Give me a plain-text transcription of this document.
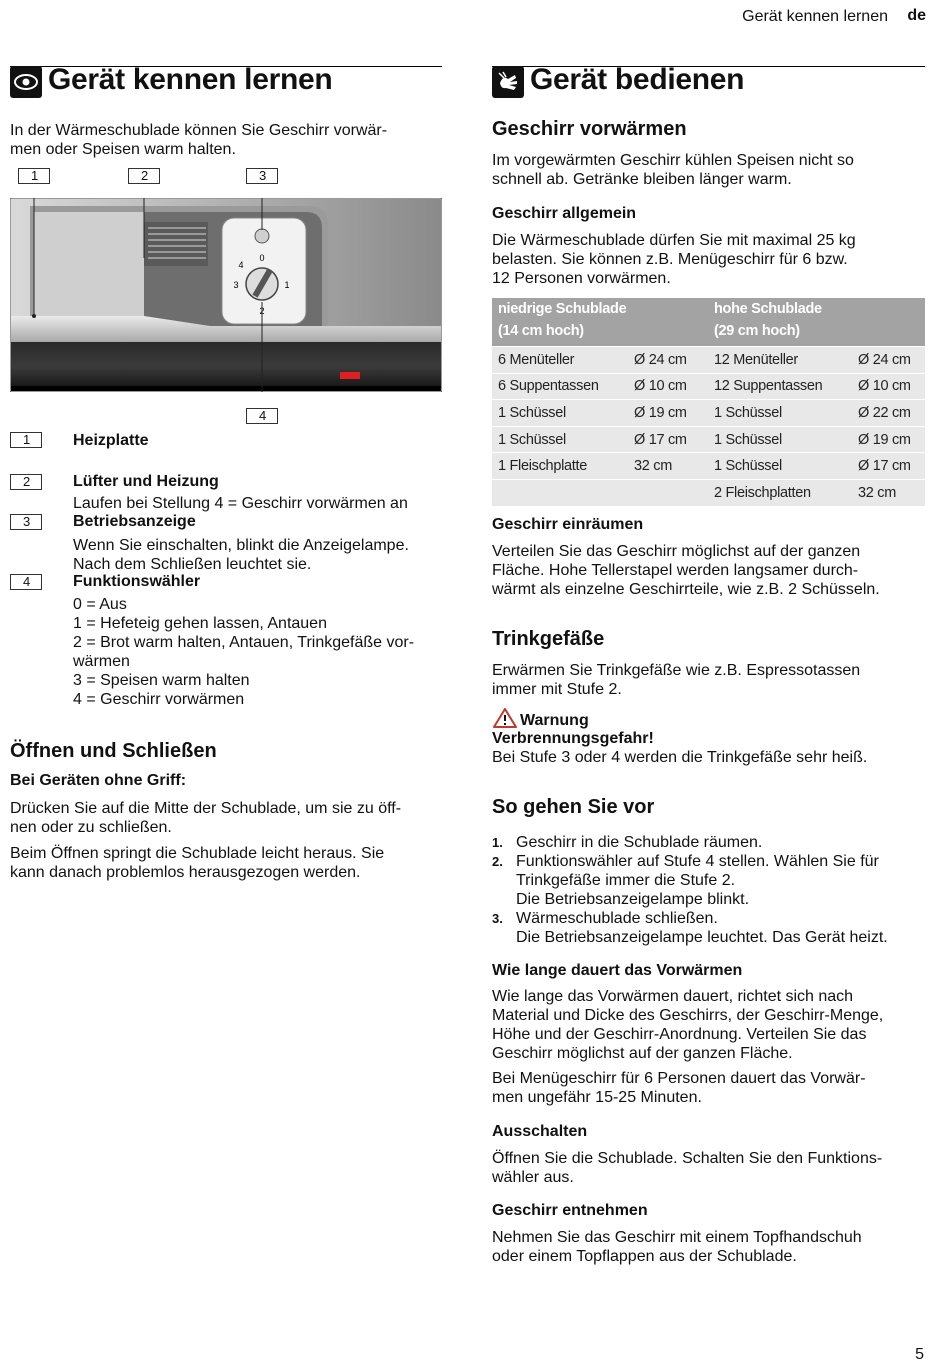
Gerät kennen lernen de
Gerät kennen lernen
In der Wärmeschublade können Sie Geschirr vorwär-
men oder Speisen warm halten.
1	2	3
0
4
3	1
2
4
1	Heizplatte
2	Lüfter und Heizung
Laufen bei Stellung 4 = Geschirr vorwärmen an
3	Betriebsanzeige
Wenn Sie einschalten, blinkt die Anzeigelampe.
Nach dem Schließen leuchtet sie.
4	Funktionswähler
0 = Aus
1 = Hefeteig gehen lassen, Antauen
2 = Brot warm halten, Antauen, Trinkgefäße vor-
wärmen
3 = Speisen warm halten
4 = Geschirr vorwärmen
Öffnen und Schließen
Bei Geräten ohne Griff:
Drücken Sie auf die Mitte der Schublade, um sie zu öff-
nen oder zu schließen.
Beim Öffnen springt die Schublade leicht heraus. Sie
kann danach problemlos herausgezogen werden.
Gerät bedienen
Geschirr vorwärmen
Im vorgewärmten Geschirr kühlen Speisen nicht so
schnell ab. Getränke bleiben länger warm.
Geschirr allgemein
Die Wärmeschublade dürfen Sie mit maximal 25 kg
belasten. Sie können z.B. Menügeschirr für 6 bzw.
12 Personen vorwärmen.
niedrige Schublade
(14 cm hoch)		hohe Schublade
(29 cm hoch)	
6 Menüteller	Ø 24 cm	12 Menüteller	Ø 24 cm
6 Suppentassen	Ø 10 cm	12 Suppentassen	Ø 10 cm
1 Schüssel	Ø 19 cm	1 Schüssel	Ø 22 cm
1 Schüssel	Ø 17 cm	1 Schüssel	Ø 19 cm
1 Fleischplatte	32 cm	1 Schüssel	Ø 17 cm
		2 Fleischplatten	32 cm
Geschirr einräumen
Verteilen Sie das Geschirr möglichst auf der ganzen
Fläche. Hohe Tellerstapel werden langsamer durch-
wärmt als einzelne Geschirrteile, wie z.B. 2 Schüsseln.
Trinkgefäße
Erwärmen Sie Trinkgefäße wie z.B. Espressotassen
immer mit Stufe 2.
Warnung
Verbrennungsgefahr!
Bei Stufe 3 oder 4 werden die Trinkgefäße sehr heiß.
So gehen Sie vor
1. Geschirr in die Schublade räumen.
2. Funktionswähler auf Stufe 4 stellen. Wählen Sie für
Trinkgefäße immer die Stufe 2.
Die Betriebsanzeigelampe blinkt.
3. Wärmeschublade schließen.
Die Betriebsanzeigelampe leuchtet. Das Gerät heizt.
Wie lange dauert das Vorwärmen
Wie lange das Vorwärmen dauert, richtet sich nach
Material und Dicke des Geschirrs, der Geschirr-Menge,
Höhe und der Geschirr-Anordnung. Verteilen Sie das
Geschirr möglichst auf der ganzen Fläche.
Bei Menügeschirr für 6 Personen dauert das Vorwär-
men ungefähr 15-25 Minuten.
Ausschalten
Öffnen Sie die Schublade. Schalten Sie den Funktions-
wähler aus.
Geschirr entnehmen
Nehmen Sie das Geschirr mit einem Topfhandschuh
oder einem Topflappen aus der Schublade.
5
